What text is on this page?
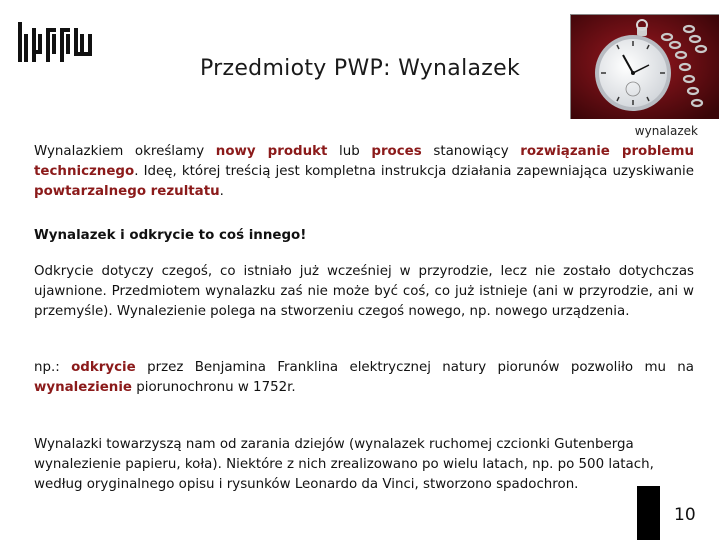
Przedmioty PWP: Wynalazek
wynalazek
Wynalazkiem określamy nowy produkt lub proces stanowiący rozwiązanie problemu technicznego. Ideę, której treścią jest kompletna instrukcja działania zapewniająca uzyskiwanie powtarzalnego rezultatu.
Wynalazek i odkrycie to coś innego!
Odkrycie dotyczy czegoś, co istniało już wcześniej w przyrodzie, lecz nie zostało dotychczas ujawnione. Przedmiotem wynalazku zaś nie może być coś, co już istnieje (ani w przyrodzie, ani w przemyśle). Wynalezienie polega na stworzeniu czegoś nowego, np. nowego urządzenia.
np.: odkrycie przez Benjamina Franklina elektrycznej natury piorunów pozwoliło mu na wynalezienie piorunochronu w 1752r.
Wynalazki towarzyszą nam od zarania dziejów (wynalazek ruchomej czcionki Gutenberga wynalezienie papieru, koła). Niektóre z nich zrealizowano po wielu latach, np. po 500 latach, według oryginalnego opisu i rysunków Leonardo da Vinci, stworzono spadochron.
10
